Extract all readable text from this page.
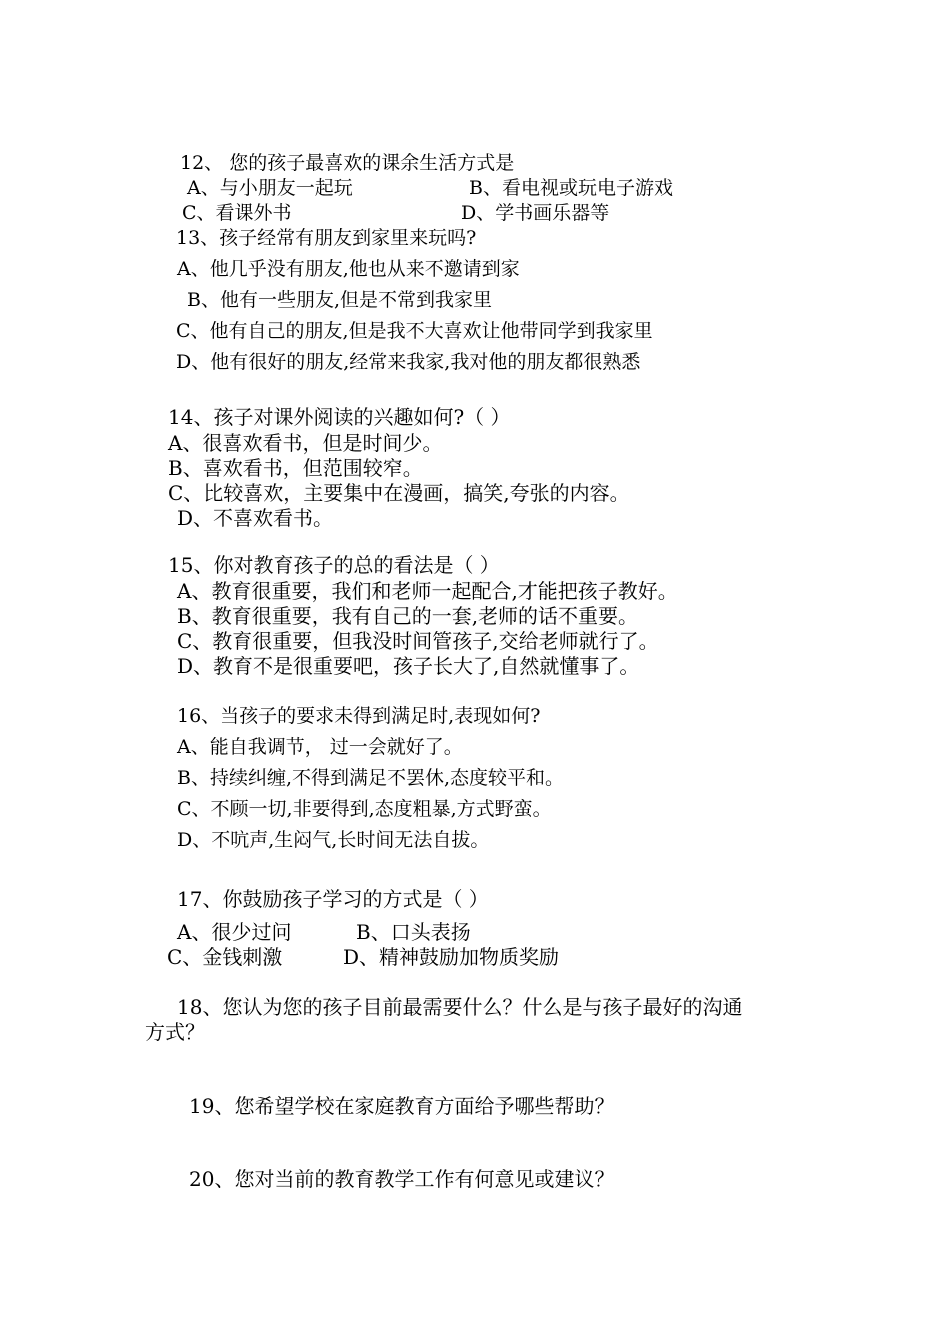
12、 您的孩子最喜欢的课余生活方式是
A、与小朋友一起玩	B、看电视或玩电子游戏
C、看课外书	D、学书画乐器等
13、孩子经常有朋友到家里来玩吗?
A、他几乎没有朋友,他也从来不邀请到家
B、他有一些朋友,但是不常到我家里
C、他有自己的朋友,但是我不大喜欢让他带同学到我家里
D、他有很好的朋友,经常来我家,我对他的朋友都很熟悉
14、孩子对课外阅读的兴趣如何?（ ）
A、很喜欢看书，但是时间少。
B、喜欢看书，但范围较窄。
C、比较喜欢，主要集中在漫画，搞笑,夸张的内容。
D、不喜欢看书。
15、你对教育孩子的总的看法是（ ）
A、教育很重要，我们和老师一起配合,才能把孩子教好。
B、教育很重要，我有自己的一套,老师的话不重要。
C、教育很重要，但我没时间管孩子,交给老师就行了。
D、教育不是很重要吧，孩子长大了,自然就懂事了。
16、当孩子的要求未得到满足时,表现如何?
A、能自我调节， 过一会就好了。
B、持续纠缠,不得到满足不罢休,态度较平和。
C、不顾一切,非要得到,态度粗暴,方式野蛮。
D、不吭声,生闷气,长时间无法自拔。
17、你鼓励孩子学习的方式是（ ）
A、很少过问	B、口头表扬
C、金钱刺激	D、精神鼓励加物质奖励
18、您认为您的孩子目前最需要什么？什么是与孩子最好的沟通
方式？
19、您希望学校在家庭教育方面给予哪些帮助？
20、您对当前的教育教学工作有何意见或建议？
